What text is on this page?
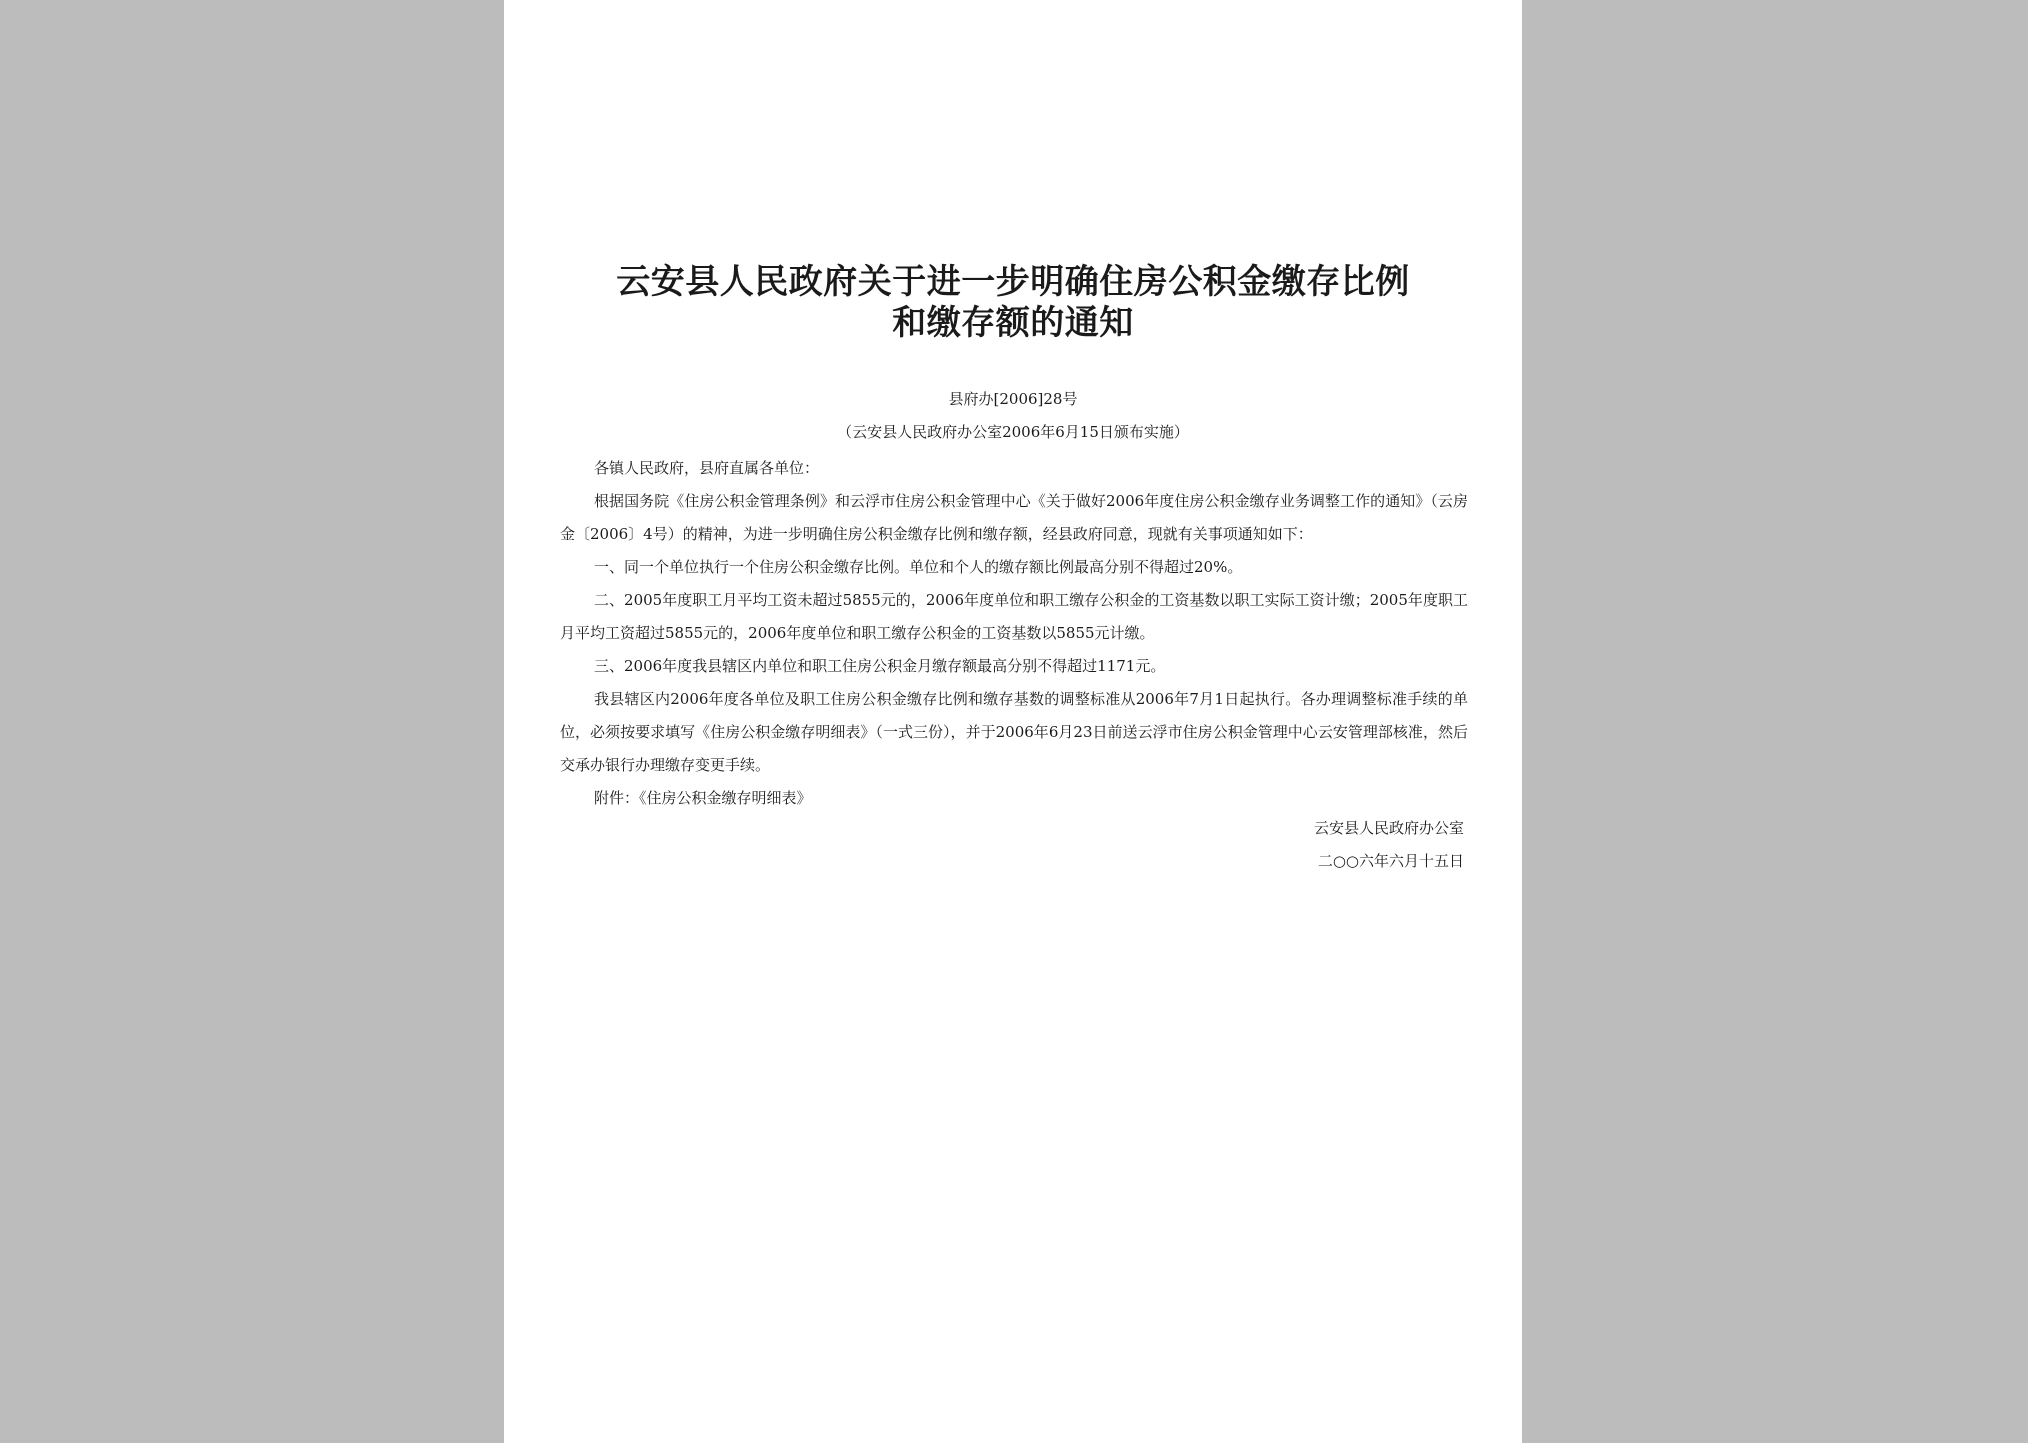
云安县人民政府关于进一步明确住房公积金缴存比例
和缴存额的通知
县府办[2006]28号
（云安县人民政府办公室2006年6月15日颁布实施）

各镇人民政府，县府直属各单位：

根据国务院《住房公积金管理条例》和云浮市住房公积金管理中心《关于做好2006年度住房公积金缴存业务调整工作的通知》（云房金〔2006〕4号）的精神，为进一步明确住房公积金缴存比例和缴存额，经县政府同意，现就有关事项通知如下：

一、同一个单位执行一个住房公积金缴存比例。单位和个人的缴存额比例最高分别不得超过20%。

二、2005年度职工月平均工资未超过5855元的，2006年度单位和职工缴存公积金的工资基数以职工实际工资计缴；2005年度职工月平均工资超过5855元的，2006年度单位和职工缴存公积金的工资基数以5855元计缴。

三、2006年度我县辖区内单位和职工住房公积金月缴存额最高分别不得超过1171元。

我县辖区内2006年度各单位及职工住房公积金缴存比例和缴存基数的调整标准从2006年7月1日起执行。各办理调整标准手续的单位，必须按要求填写《住房公积金缴存明细表》（一式三份），并于2006年6月23日前送云浮市住房公积金管理中心云安管理部核准，然后交承办银行办理缴存变更手续。

附件：《住房公积金缴存明细表》

云安县人民政府办公室
二○○六年六月十五日
